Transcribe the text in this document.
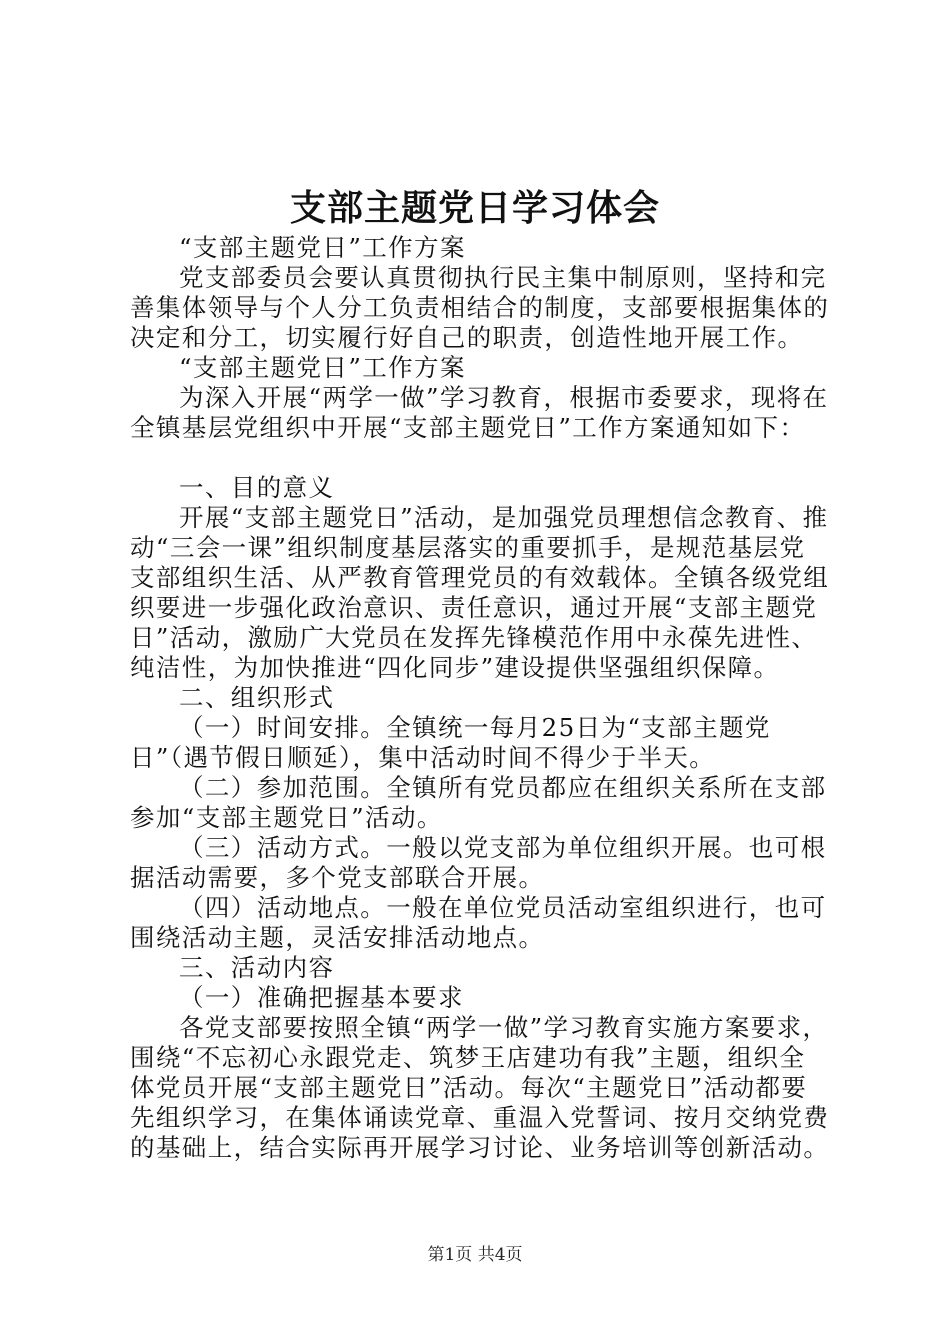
支部主题党日学习体会

“支部主题党日”工作方案

党支部委员会要认真贯彻执行民主集中制原则，坚持和完善集体领导与个人分工负责相结合的制度，支部要根据集体的决定和分工，切实履行好自己的职责，创造性地开展工作。

“支部主题党日”工作方案

为深入开展“两学一做”学习教育，根据市委要求，现将在全镇基层党组织中开展“支部主题党日”工作方案通知如下：

一、目的意义

开展“支部主题党日”活动，是加强党员理想信念教育、推动“三会一课”组织制度基层落实的重要抓手，是规范基层党支部组织生活、从严教育管理党员的有效载体。全镇各级党组织要进一步强化政治意识、责任意识，通过开展“支部主题党日”活动，激励广大党员在发挥先锋模范作用中永葆先进性、纯洁性，为加快推进“四化同步”建设提供坚强组织保障。

二、组织形式

（一）时间安排。全镇统一每月25日为“支部主题党日”（遇节假日顺延），集中活动时间不得少于半天。

（二）参加范围。全镇所有党员都应在组织关系所在支部参加“支部主题党日”活动。

（三）活动方式。一般以党支部为单位组织开展。也可根据活动需要，多个党支部联合开展。

（四）活动地点。一般在单位党员活动室组织进行，也可围绕活动主题，灵活安排活动地点。

三、活动内容

（一）准确把握基本要求

各党支部要按照全镇“两学一做”学习教育实施方案要求，围绕“不忘初心永跟党走、筑梦王店建功有我”主题，组织全体党员开展“支部主题党日”活动。每次“主题党日”活动都要先组织学习，在集体诵读党章、重温入党誓词、按月交纳党费的基础上，结合实际再开展学习讨论、业务培训等创新活动。

第1页 共4页
